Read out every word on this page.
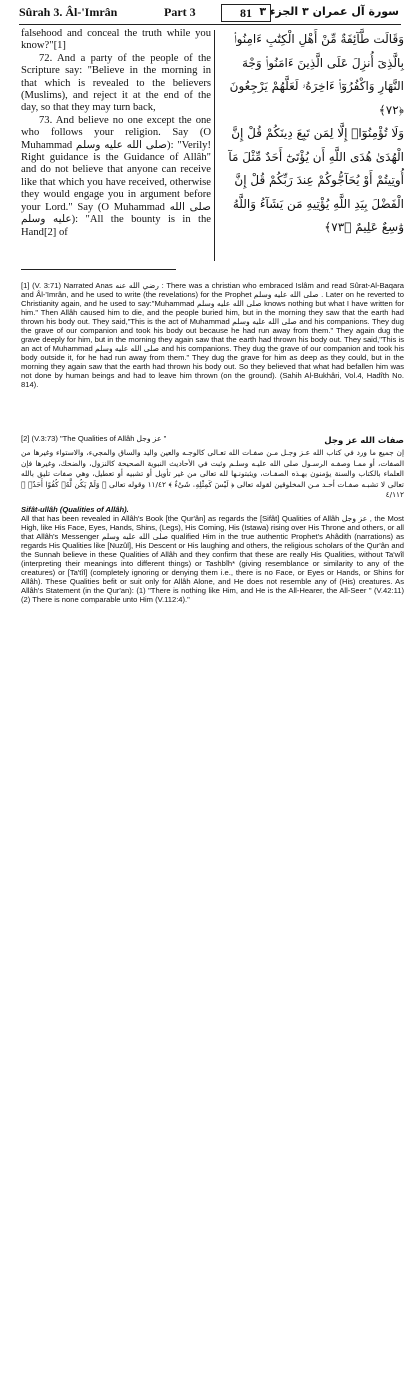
Sûrah 3. Âl-'Imrân	Part 3	81 سورة آل عمران ٣ الجزء ٣

falsehood and conceal the truth while you know?"[1]

72. And a party of the people of the Scripture say: "Believe in the morning in that which is revealed to the believers (Muslims), and reject it at the end of the day, so that they may turn back,

73. And believe no one except the one who follows your religion. Say (O Muhammad صلى الله عليه وسلم): "Verily! Right guidance is the Guidance of Allâh" and do not believe that anyone can receive like that which you have received, otherwise they would engage you in argument before your Lord." Say (O Muhammad صلى الله عليه وسلم): "All the bounty is in the Hand[2] of

وَقَالَت طَّآئِفَةٌ مِّنْ أَهْلِ الْكِتَٰبِ ءَامِنُوا۟ بِالَّذِىٓ أُنزِلَ عَلَى الَّذِينَ ءَامَنُوا۟ وَجْهَ النَّهَارِ وَاكْفُرُوٓا۟ ءَاخِرَهُۥ لَعَلَّهُمْ يَرْجِعُونَ ﴿٧٢﴾

وَلَا تُؤْمِنُوٓا۟ إِلَّا لِمَن تَبِعَ دِينَكُمْ قُلْ إِنَّ الْهُدَىٰ هُدَى اللَّهِ أَن يُؤْتَىٰٓ أَحَدٌ مِّثْلَ مَآ أُوتِيتُمْ أَوْ يُحَآجُّوكُمْ عِندَ رَبِّكُمْ قُلْ إِنَّ الْفَضْلَ بِيَدِ اللَّهِ يُؤْتِيهِ مَن يَشَآءُ وَاللَّهُ وَٰسِعٌ عَلِيمٌ ﴿٧٣﴾

[1] (V. 3:71) Narrated Anas رضي الله عنه : There was a christian who embraced Islâm and read Sûrat-Al-Baqara and Âl-'Imrân, and he used to write (the revelations) for the Prophet صلى الله عليه وسلم . Later on he reverted to Christianity again, and he used to say:"Muhammad صلى الله عليه وسلم knows nothing but what I have written for him." Then Allâh caused him to die, and the people buried him, but in the morning they saw that the earth had thrown his body out. They said,"This is the act of Muhammad صلى الله عليه وسلم and his companions. They dug the grave of our companion and took his body out because he had run away from them." They again dug the grave deeply for him, but in the morning they again saw that the earth had thrown his body out. They said,"This is an act of Muhammad صلى الله عليه وسلم and his companions. They dug the grave of our companion and took his body outside it, for he had run away from them." They dug the grave for him as deep as they could, but in the morning they again saw that the earth had thrown his body out. So they believed that what had befallen him was not done by human beings and had to leave him thrown (on the ground). (Sahih Al-Bukhâri, Vol.4, Hadîth No. 814).
[2] (V.3:73) "The Qualities of Allâh عز وجل "	صفات الله عز وجل
إن جميع ما ورد في كتاب الله عـز وجـل مـن صفـات الله تعـالى كالوجـه والعين واليد والساق والمجيء، والاستواء وغيرها من الصفات، أو ممـا وصفـه الرسـول صلى الله عليـه وسلـم وثبت في الأحاديث النبوية الصحيحة كالنزول، والضحك، وغيرها فإن العلماء بالكتاب والسنة يؤمنون بهـذه الصفـات، ويثبتونـها لله تعالى من غير تأويل أو تشبيه أو تعطيل، وهي صفات تليق بالله تعالى لا تشبـه صفـات أحـد مـن المخلوقين لقوله تعالى ﴿ لَيْسَ كَمِثْلِهِۦ شَىْءٌ ﴾ ١١/٤٢ وقوله تعالى ﴿ وَلَمْ يَكُن لَّهُۥ كُفُوًا أَحَدٌۢ ﴾ ٤/١١٢

Sifât-ullâh (Qualities of Allâh).

All that has been revealed in Allâh's Book [the Qur'ân] as regards the [Sifât] Qualities of Allâh عز وجل , the Most High, like His Face, Eyes, Hands, Shins, (Legs), His Coming, His (Istawa) rising over His Throne and others, or all that Allâh's Messenger صلى الله عليه وسلم qualified Him in the true authentic Prophet's Ahâdith (narrations) as regards His Qualities like [Nuzûl], His Descent or His laughing and others, the religious scholars of the Qur'ân and the Sunnah believe in these Qualities of Allâh and they confirm that these are really His Qualities, without Ta'wîl (interpreting their meanings into different things) or Tashbîh* (giving resemblance or similarity to any of the creatures) or [Ta'tîl] (completely ignoring or denying them i.e., there is no Face, or Eyes or Hands, or Shins for Allâh). These Qualities befit or suit only for Allâh Alone, and He does not resemble any of (His) creatures. As Allâh's Statement (in the Qur'an): (1) "There is nothing like Him, and He is the All-Hearer, the All-Seer " (V.42:11) (2) There is none comparable unto Him (V.112:4)."
